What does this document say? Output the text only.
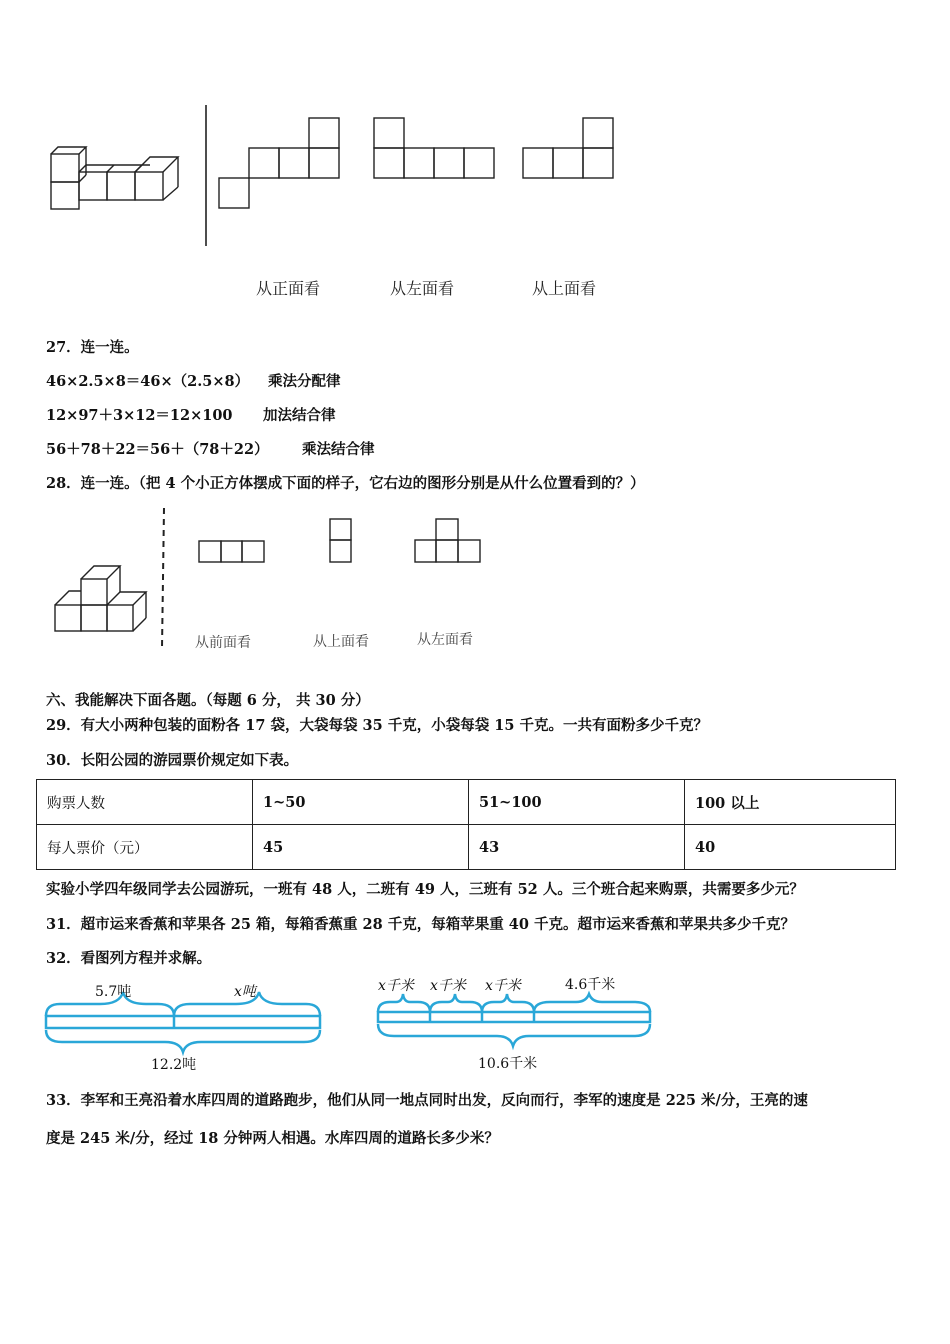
从正面看	从左面看	从上面看
27．连一连。
46×2.5×8＝46×（2.5×8） 乘法分配律
12×97＋3×12＝12×100 加法结合律
56＋78＋22＝56＋（78＋22） 乘法结合律
28．连一连。（把 4 个小正方体摆成下面的样子，它右边的图形分别是从什么位置看到的？）
从前面看	从上面看	从左面看
六、我能解决下面各题。（每题 6 分， 共 30 分）
29．有大小两种包装的面粉各 17 袋，大袋每袋 35 千克，小袋每袋 15 千克。一共有面粉多少千克？
30．长阳公园的游园票价规定如下表。
购票人数	1~50	51~100	100 以上
每人票价（元）	45	43	40
实验小学四年级同学去公园游玩，一班有 48 人，二班有 49 人，三班有 52 人。三个班合起来购票，共需要多少元？
31．超市运来香蕉和苹果各 25 箱，每箱香蕉重 28 千克，每箱苹果重 40 千克。超市运来香蕉和苹果共多少千克？
32．看图列方程并求解。
5.7吨	x吨
12.2吨
x千米 x千米 x千米	4.6千米
10.6千米
33．李军和王亮沿着水库四周的道路跑步，他们从同一地点同时出发，反向而行，李军的速度是 225 米/分，王亮的速
度是 245 米/分，经过 18 分钟两人相遇。水库四周的道路长多少米？
